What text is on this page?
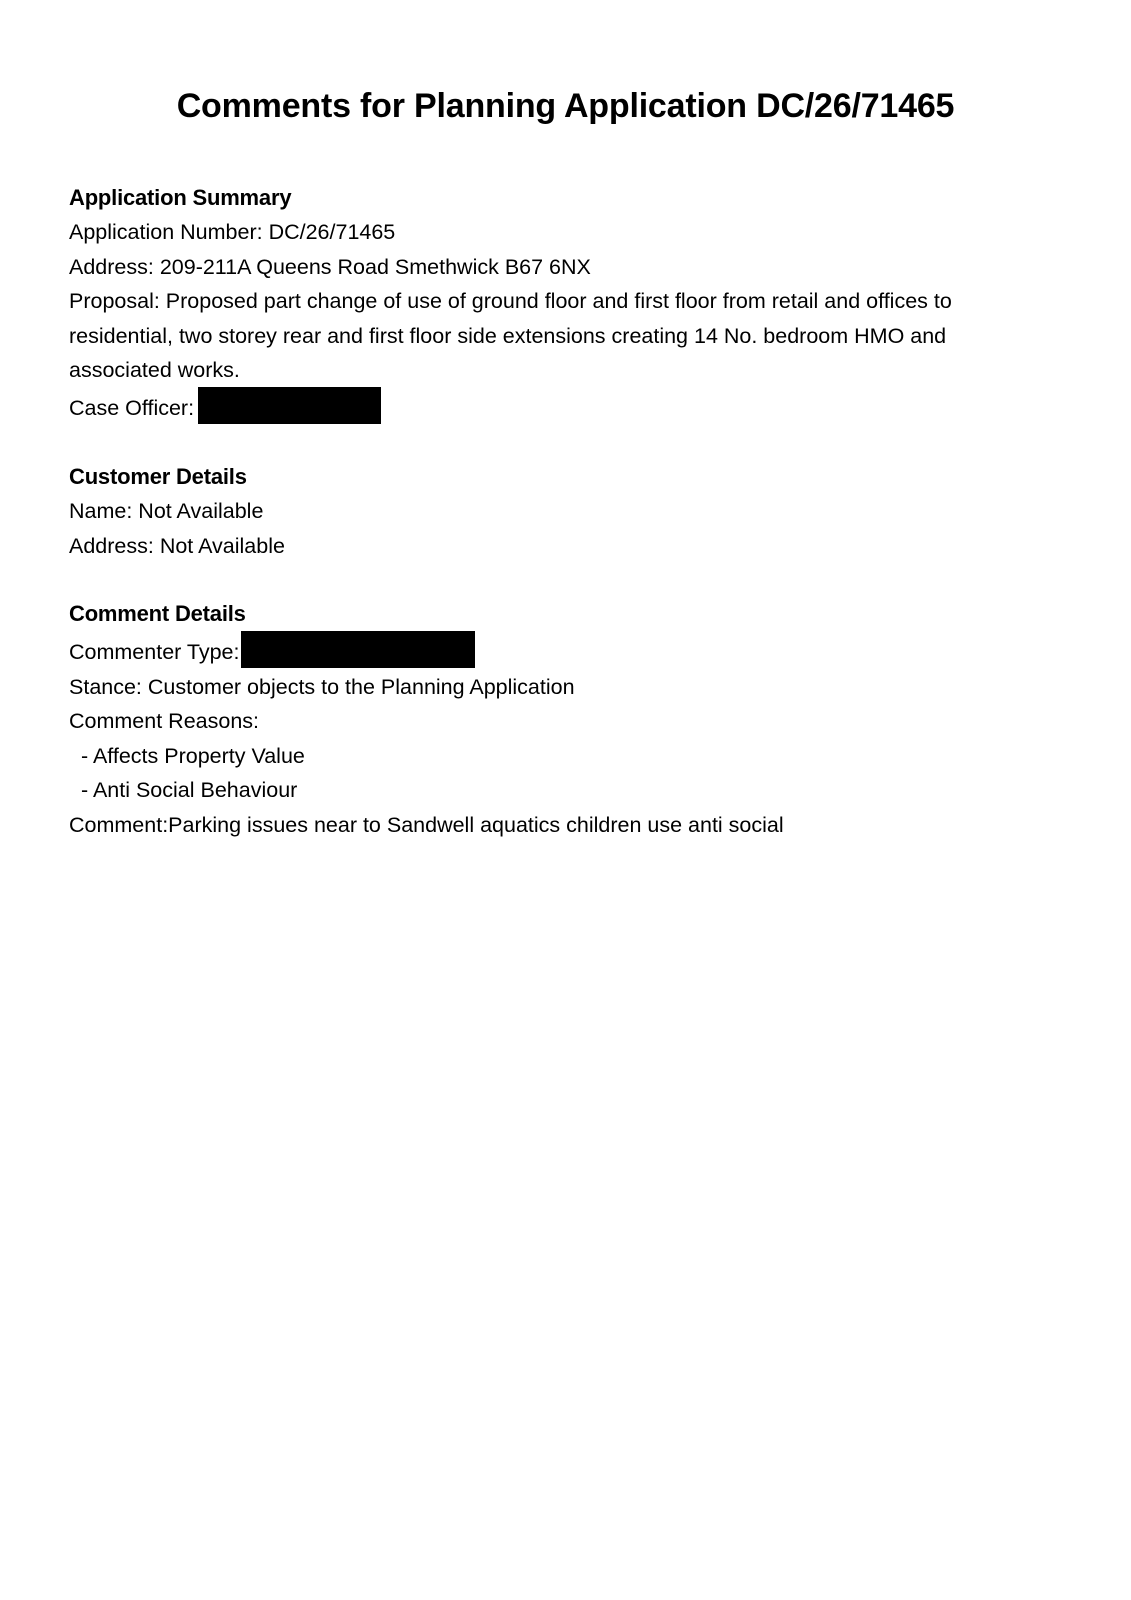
Comments for Planning Application DC/26/71465

Application Summary

Application Number: DC/26/71465

Address: 209-211A Queens Road Smethwick B67 6NX

Proposal: Proposed part change of use of ground floor and first floor from retail and offices to residential, two storey rear and first floor side extensions creating 14 No. bedroom HMO and associated works.

Case Officer:

Customer Details

Name: Not Available

Address: Not Available

Comment Details

Commenter Type:

Stance: Customer objects to the Planning Application

Comment Reasons:

- Affects Property Value

- Anti Social Behaviour

Comment:Parking issues near to Sandwell aquatics children use anti social
